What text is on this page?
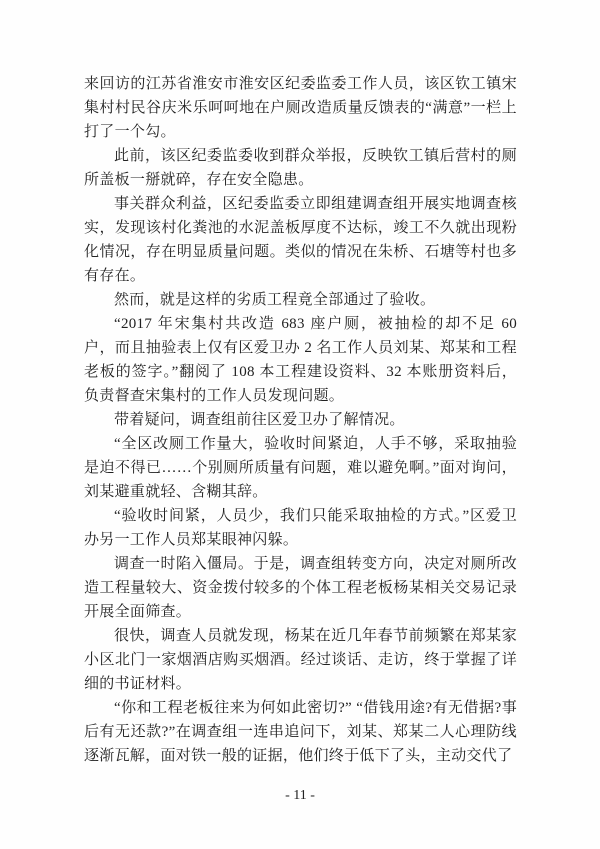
来回访的江苏省淮安市淮安区纪委监委工作人员，该区钦工镇宋集村村民谷庆米乐呵呵地在户厕改造质量反馈表的“满意”一栏上打了一个勾。

此前，该区纪委监委收到群众举报，反映钦工镇后营村的厕所盖板一掰就碎，存在安全隐患。

事关群众利益，区纪委监委立即组建调查组开展实地调查核实，发现该村化粪池的水泥盖板厚度不达标，竣工不久就出现粉化情况，存在明显质量问题。类似的情况在朱桥、石塘等村也多有存在。

然而，就是这样的劣质工程竟全部通过了验收。

“2017 年宋集村共改造 683 座户厕，被抽检的却不足 60 户，而且抽验表上仅有区爱卫办 2 名工作人员刘某、郑某和工程老板的签字。”翻阅了 108 本工程建设资料、32 本账册资料后，负责督查宋集村的工作人员发现问题。

带着疑问，调查组前往区爱卫办了解情况。

“全区改厕工作量大，验收时间紧迫，人手不够，采取抽验是迫不得已……个别厕所质量有问题，难以避免啊。”面对询问，刘某避重就轻、含糊其辞。

“验收时间紧，人员少，我们只能采取抽检的方式。”区爱卫办另一工作人员郑某眼神闪躲。

调查一时陷入僵局。于是，调查组转变方向，决定对厕所改造工程量较大、资金拨付较多的个体工程老板杨某相关交易记录开展全面筛查。

很快，调查人员就发现，杨某在近几年春节前频繁在郑某家小区北门一家烟酒店购买烟酒。经过谈话、走访，终于掌握了详细的书证材料。

“你和工程老板往来为何如此密切?” “借钱用途?有无借据?事后有无还款?”在调查组一连串追问下，刘某、郑某二人心理防线逐渐瓦解，面对铁一般的证据，他们终于低下了头，主动交代了

- 11 -
